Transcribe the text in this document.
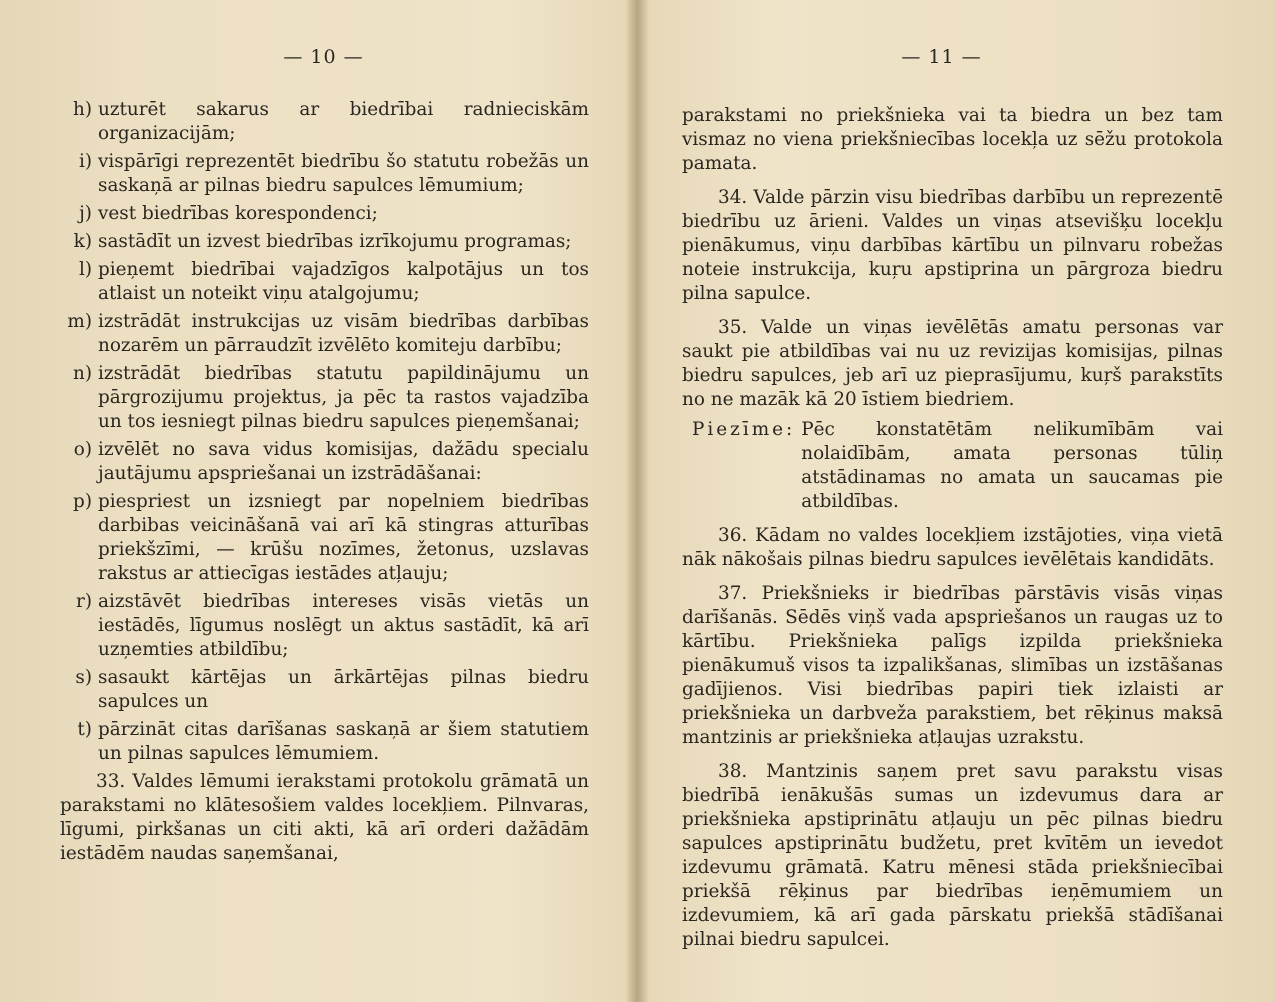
— 10 —
h) uzturēt sakarus ar biedrībai radnieciskām organizacijām;
i) vispārīgi reprezentēt biedrību šo statutu robežās un saskaņā ar pilnas biedru sapulces lēmumium;
j) vest biedrības korespondenci;
k) sastādīt un izvest biedrības izrīkojumu programas;
l) pieņemt biedrībai vajadzīgos kalpotājus un tos atlaist un noteikt viņu atalgojumu;
m) izstrādāt instrukcijas uz visām biedrības darbības nozarēm un pārraudzīt izvēlēto komiteju darbību;
n) izstrādāt biedrības statutu papildinājumu un pārgrozijumu projektus, ja pēc ta rastos vajadzība un tos iesniegt pilnas biedru sapulces pieņemšanai;
o) izvēlēt no sava vidus komisijas, dažādu specialu jautājumu apspriešanai un izstrādāšanai:
p) piespriest un izsniegt par nopelniem biedrības darbibas veicināšanā vai arī kā stingras atturības priekšzīmi, — krūšu nozīmes, žetonus, uzslavas rakstus ar attiecīgas iestādes atļauju;
r) aizstāvēt biedrības intereses visās vietās un iestādēs, līgumus noslēgt un aktus sastādīt, kā arī uzņemties atbildību;
s) sasaukt kārtējas un ārkārtējas pilnas biedru sapulces un
t) pārzināt citas darīšanas saskaņā ar šiem statutiem un pilnas sapulces lēmumiem.

33. Valdes lēmumi ierakstami protokolu grāmatā un parakstami no klātesošiem valdes locekļiem. Pilnvaras, līgumi, pirkšanas un citi akti, kā arī orderi dažādām iestādēm naudas saņemšanai,

— 11 —

parakstami no priekšnieka vai ta biedra un bez tam vismaz no viena priekšniecības locekļa uz sēžu protokola pamata.

34. Valde pārzin visu biedrības darbību un reprezentē biedrību uz ārieni. Valdes un viņas atsevišķu locekļu pienākumus, viņu darbības kārtību un pilnvaru robežas noteie instrukcija, kuŗu apstiprina un pārgroza biedru pilna sapulce.

35. Valde un viņas ievēlētās amatu personas var saukt pie atbildības vai nu uz revizijas komisijas, pilnas biedru sapulces, jeb arī uz pieprasījumu, kuŗš parakstīts no ne mazāk kā 20 īstiem biedriem.

Piezīme: Pēc konstatētām nelikumībām vai nolaidībām, amata personas tūliņ atstādinamas no amata un saucamas pie atbildības.

36. Kādam no valdes locekļiem izstājoties, viņa vietā nāk nākošais pilnas biedru sapulces ievēlētais kandidāts.

37. Priekšnieks ir biedrības pārstāvis visās viņas darīšanās. Sēdēs viņš vada apspriešanos un raugas uz to kārtību. Priekšnieka palīgs izpilda priekšnieka pienākumuš visos ta izpalikšanas, slimības un izstāšanas gadījienos. Visi biedrības papiri tiek izlaisti ar priekšnieka un darbveža parakstiem, bet rēķinus maksā mantzinis ar priekšnieka atļaujas uzrakstu.

38. Mantzinis saņem pret savu parakstu visas biedrībā ienākušās sumas un izdevumus dara ar priekšnieka apstiprinātu atļauju un pēc pilnas biedru sapulces apstiprinātu budžetu, pret kvītēm un ievedot izdevumu grāmatā. Katru mēnesi stāda priekšniecībai priekšā rēķinus par biedrības ieņēmumiem un izdevumiem, kā arī gada pārskatu priekšā stādīšanai pilnai biedru sapulcei.
